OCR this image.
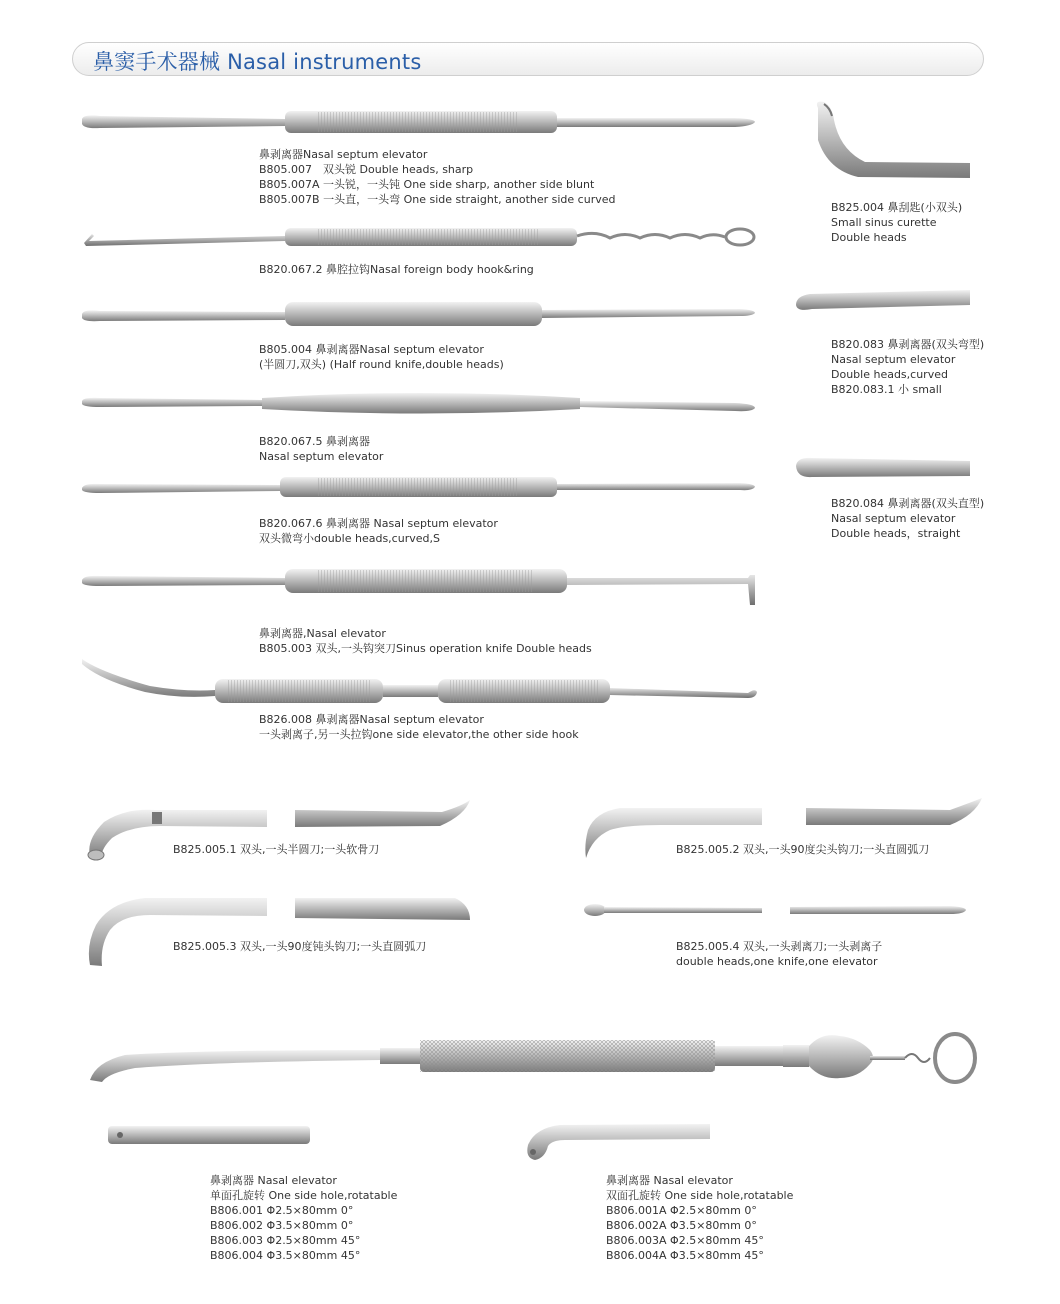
鼻窦手术器械 Nasal instruments
鼻剥离器Nasal septum elevator
B805.007　双头锐 Double heads, sharp
B805.007A 一头锐，一头钝 One side sharp, another side blunt
B805.007B 一头直，一头弯 One side straight, another side curved
B820.067.2 鼻腔拉钩Nasal foreign body hook&ring
B805.004 鼻剥离器Nasal septum elevator
(半圆刀,双头) (Half round knife,double heads)
B820.067.5 鼻剥离器
Nasal septum elevator
B820.067.6 鼻剥离器 Nasal septum elevator
双头微弯小double heads,curved,S
鼻剥离器,Nasal elevator
B805.003 双头,一头钩突刀Sinus operation knife Double heads
B826.008 鼻剥离器Nasal septum elevator
一头剥离子,另一头拉钩one side elevator,the other side hook
B825.004 鼻刮匙(小双头)
Small sinus curette
Double heads
B820.083 鼻剥离器(双头弯型)
Nasal septum elevator
Double heads,curved
B820.083.1 小 small
B820.084 鼻剥离器(双头直型)
Nasal septum elevator
Double heads，straight
B825.005.1 双头,一头半圆刀;一头软骨刀	B825.005.2 双头,一头90度尖头钩刀;一头直圆弧刀
B825.005.3 双头,一头90度钝头钩刀;一头直圆弧刀	B825.005.4 双头,一头剥离刀;一头剥离子
double heads,one knife,one elevator
鼻剥离器 Nasal elevator
单面孔旋转 One side hole,rotatable
B806.001 Φ2.5×80mm 0°
B806.002 Φ3.5×80mm 0°
B806.003 Φ2.5×80mm 45°
B806.004 Φ3.5×80mm 45°
鼻剥离器 Nasal elevator
双面孔旋转 One side hole,rotatable
B806.001A Φ2.5×80mm 0°
B806.002A Φ3.5×80mm 0°
B806.003A Φ2.5×80mm 45°
B806.004A Φ3.5×80mm 45°
